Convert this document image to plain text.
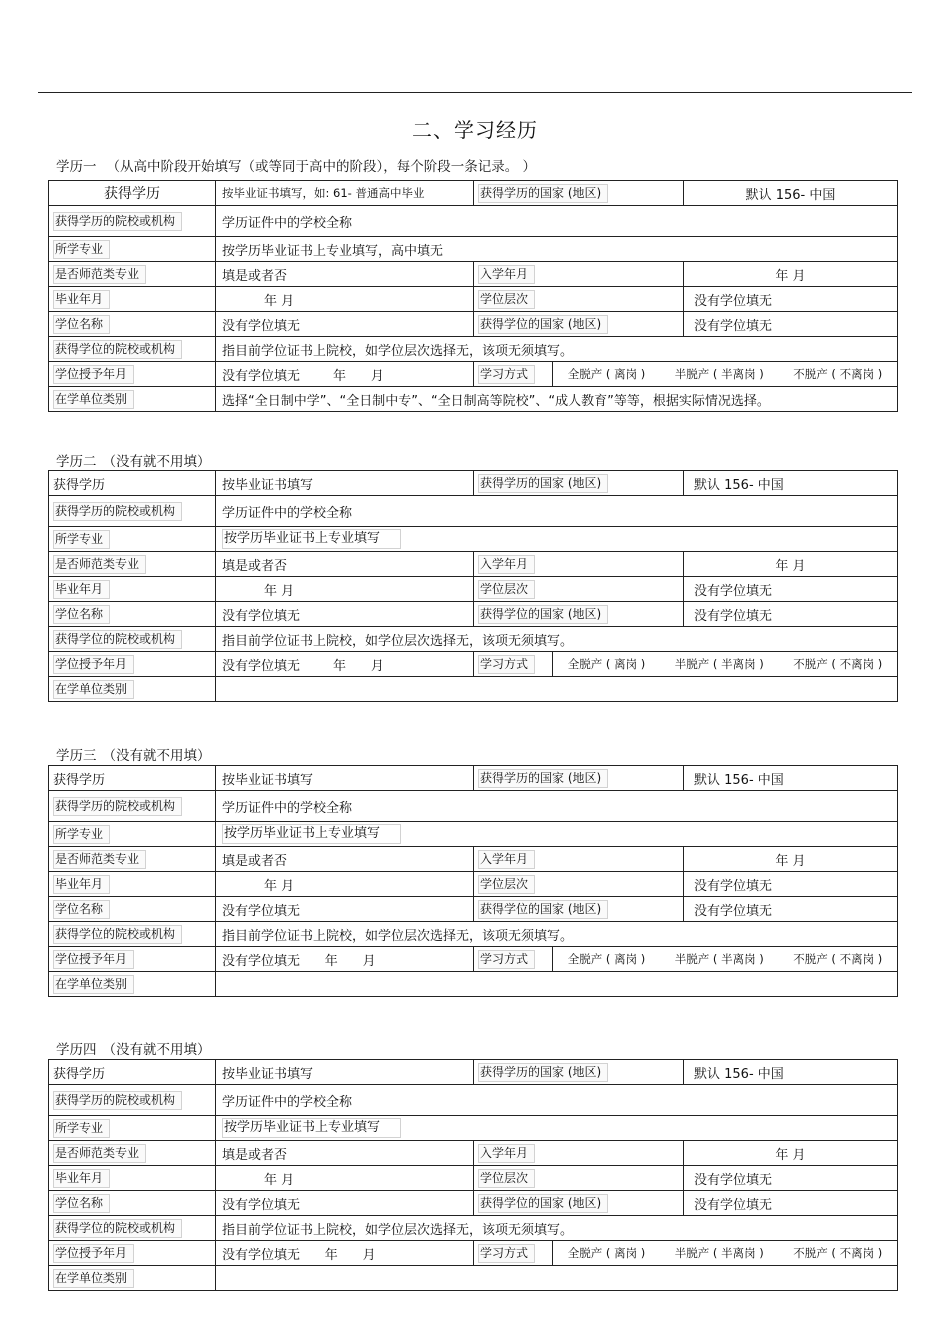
二、学习经历
学历一 （从高中阶段开始填写（或等同于高中的阶段），每个阶段一条记录。 ）
获得学历	按毕业证书填写，如: 61- 普通高中毕业	获得学历的国家 (地区)	默认 156- 中国
获得学历的院校或机构	学历证件中的学校全称		
所学专业	按学历毕业证书上专业填写，高中填无		
是否师范类专业	填是或者否	入学年月	年 月
毕业年月	年 月	学位层次	没有学位填无
学位名称	没有学位填无	获得学位的国家 (地区)	没有学位填无
获得学位的院校或机构	指目前学位证书上院校，如学位层次选择无，该项无须填写。		
学位授予年月	没有学位填无        年      月	学习方式 全脱产 ( 离岗 ) 半脱产 ( 半离岗 ) 不脱产 ( 不离岗 )	

在学单位类别	选择“全日制中学”、“全日制中专”、“全日制高等院校”、“成人教育”等等，根据实际情况选择。		
学历二 （没有就不用填）
获得学历	按毕业证书填写	获得学历的国家 (地区)	默认 156- 中国
获得学历的院校或机构	学历证件中的学校全称		
所学专业	按学历毕业证书上专业填写		
是否师范类专业	填是或者否	入学年月	年 月
毕业年月	年 月	学位层次	没有学位填无
学位名称	没有学位填无	获得学位的国家 (地区)	没有学位填无
获得学位的院校或机构	指目前学位证书上院校，如学位层次选择无，该项无须填写。		
学位授予年月	没有学位填无        年      月	学习方式 全脱产 ( 离岗 ) 半脱产 ( 半离岗 ) 不脱产 ( 不离岗 )	

在学单位类别			
学历三 （没有就不用填）
获得学历	按毕业证书填写	获得学历的国家 (地区)	默认 156- 中国
获得学历的院校或机构	学历证件中的学校全称		
所学专业	按学历毕业证书上专业填写		
是否师范类专业	填是或者否	入学年月	年 月
毕业年月	年 月	学位层次	没有学位填无
学位名称	没有学位填无	获得学位的国家 (地区)	没有学位填无
获得学位的院校或机构	指目前学位证书上院校，如学位层次选择无，该项无须填写。		
学位授予年月	没有学位填无      年      月	学习方式 全脱产 ( 离岗 ) 半脱产 ( 半离岗 ) 不脱产 ( 不离岗 )	

在学单位类别			
学历四 （没有就不用填）
获得学历	按毕业证书填写	获得学历的国家 (地区)	默认 156- 中国
获得学历的院校或机构	学历证件中的学校全称		
所学专业	按学历毕业证书上专业填写		
是否师范类专业	填是或者否	入学年月	年 月
毕业年月	年 月	学位层次	没有学位填无
学位名称	没有学位填无	获得学位的国家 (地区)	没有学位填无
获得学位的院校或机构	指目前学位证书上院校，如学位层次选择无，该项无须填写。		
学位授予年月	没有学位填无      年      月	学习方式 全脱产 ( 离岗 ) 半脱产 ( 半离岗 ) 不脱产 ( 不离岗 )	

在学单位类别			
